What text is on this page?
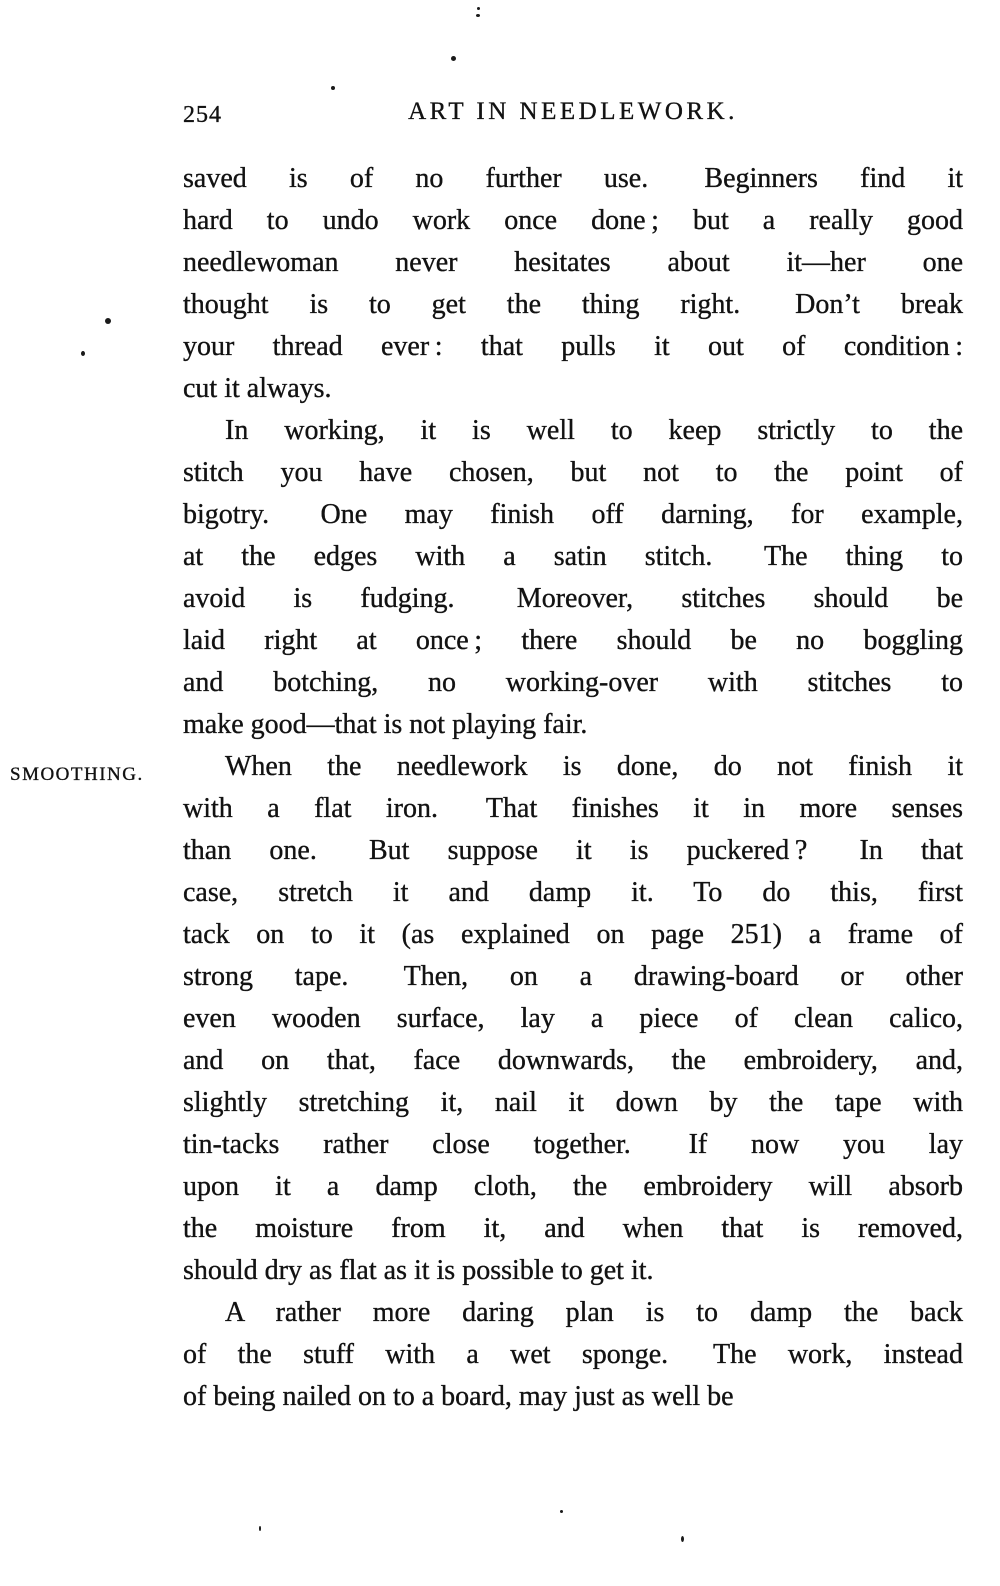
254	ART IN NEEDLEWORK.
SMOOTHING.
saved is of no further use.  Beginners find it
hard to undo work once done ; but a really good
needlewoman never hesitates about it—her one
thought is to get the thing right.  Don’t break
your thread ever : that pulls it out of condition :
cut it always.
In working, it is well to keep strictly to the
stitch you have chosen, but not to the point of
bigotry.  One may finish off darning, for example,
at the edges with a satin stitch.  The thing to
avoid is fudging.  Moreover, stitches should be
laid right at once ; there should be no boggling
and botching, no working-over with stitches to
make good—that is not playing fair.
When the needlework is done, do not finish it
with a flat iron.  That finishes it in more senses
than one.  But suppose it is puckered ?  In that
case, stretch it and damp it. To do this, first
tack on to it (as explained on page 251) a frame of
strong tape.  Then, on a drawing-board or other
even wooden surface, lay a piece of clean calico,
and on that, face downwards, the embroidery, and,
slightly stretching it, nail it down by the tape with
tin-tacks rather close together.  If now you lay
upon it a damp cloth, the embroidery will absorb
the moisture from it, and when that is removed,
should dry as flat as it is possible to get it.
A rather more daring plan is to damp the back
of the stuff with a wet sponge.  The work, instead
of being nailed on to a board, may just as well be
